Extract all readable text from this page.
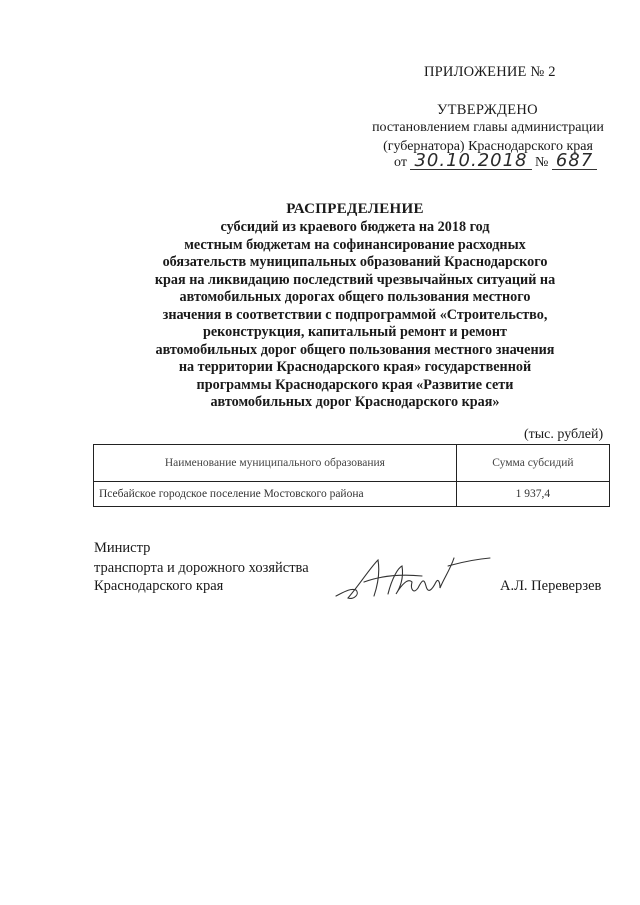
ПРИЛОЖЕНИЕ № 2
УТВЕРЖДЕНО
постановлением главы администрации
(губернатора) Краснодарского края
от 30.10.2018 № 687
РАСПРЕДЕЛЕНИЕ
субсидий из краевого бюджета на 2018 год
местным бюджетам на софинансирование расходных
обязательств муниципальных образований Краснодарского
края на ликвидацию последствий чрезвычайных ситуаций на
автомобильных дорогах общего пользования местного
значения в соответствии с подпрограммой «Строительство,
реконструкция, капитальный ремонт и ремонт
автомобильных дорог общего пользования местного значения
на территории Краснодарского края» государственной
программы Краснодарского края «Развитие сети
автомобильных дорог Краснодарского края»
(тыс. рублей)
Наименование муниципального образования	Сумма субсидий
Псебайское городское поселение Мостовского района	1 937,4
Министр
транспорта и дорожного хозяйства
Краснодарского края	А.Л. Переверзев
